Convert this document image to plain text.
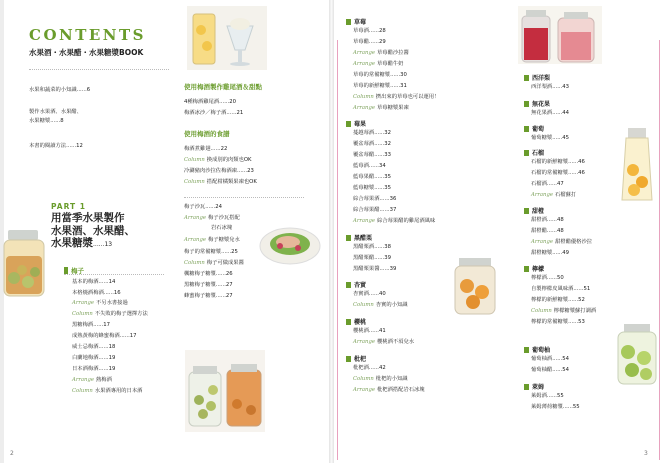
CONTENTS
水果酒・水果醋・水果糖漿BOOK
水果和蔬菜的小知識......6
製作水果酒、水果醋、
水果糖漿......8
本書的閱讀方法......12
PART 1
用當季水果製作
水果酒、水果醋、
水果糖漿......13
梅子
基本的梅酒......14
本格燒酒梅酒......16
Arrange 不另水書接過
Column 不失敗的梅子選擇方法
黑糖梅酒......17
成熟黃梅的蜂蜜梅酒......17
威士忌梅酒......18
白蘭地梅酒......19
日本酒梅酒......19
Arrange 熱梅酒
Column 水果酒專用的日本酒
使用梅酒製作雞尾酒＆甜點
4種梅酒雞尾酒......20
梅酒冰沙／梅子酒......21
使用梅酒的食譜
梅酒煮雞翅......22
Column 換成別的肉類也OK
冷涮豬肉沙拉佐梅酒凍......23
Column 搭配柑橘類果凍也OK
梅子沙瓦......24
Arrange 梅子沙瓦搭配
岩石冰塊
Arrange 梅子糖漿兌水
梅子的常備糖漿......25
Column 梅子可做成果醬
楓糖梅子糖漿......26
黑糖梅子糖漿......27
蜂蜜梅子糖漿......27
2
草莓
草莓酒......28
草莓醋......29
Arrange 草莓醋沙拉醬
Arrange 草莓醋牛奶
草莓的常備糖漿......30
草莓的新鮮糖漿......31
Column 擠出來的草莓也可以運用！
Arrange 草莓糖漿果凍
莓果
蔓越莓酒......32
覆盆莓酒......32
覆盆莓醋......33
藍莓酒......34
藍莓果醋......35
藍莓糖漿......35
綜合莓果酒......36
綜合莓果醋......37
Arrange 綜合莓果醋的雞尾酒風味
黑醋栗
黑醋栗酒......38
黑醋栗醋......39
黑醋栗果醬......39
杏實
杏實酒......40
Column 杏實的小知識
櫻桃
櫻桃酒......41
Arrange 櫻桃酒不須兌水
枇杷
枇杷酒......42
Column 枇杷的小知識
Arrange 枇杷酒搭配岩石冰塊
西洋梨
西洋梨酒......43
無花果
無花果酒......44
葡萄
葡萄糖漿......45
石榴
石榴的新鮮糖漿......46
石榴的常備糖漿......46
石榴酒......47
Arrange 石榴蘇打
甜橙
甜橙酒......48
甜橙醋......48
Arrange 甜橙醋優格沙拉
甜橙糖漿......49
檸檬
檸檬酒......50
自製檸檬皮風味酒......51
檸檬的新鮮糖漿......52
Column 檸檬糖漿蘇打調酒
檸檬的常備糖漿......53
葡萄柚
葡萄柚酒......54
葡萄柚醋......54
萊姆
萊姆酒......55
萊姆薄荷糖漿......55
3
